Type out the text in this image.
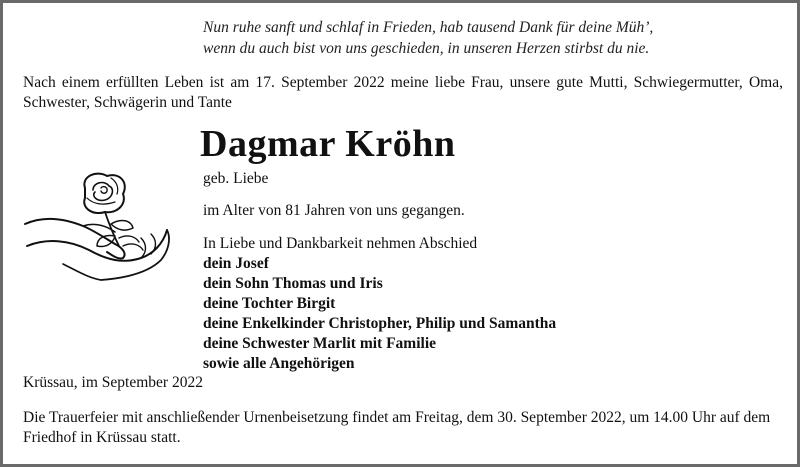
Nun ruhe sanft und schlaf in Frieden, hab tausend Dank für deine Müh’,
wenn du auch bist von uns geschieden, in unseren Herzen stirbst du nie.
Nach einem erfüllten Leben ist am 17. September 2022 meine liebe Frau, unsere gute Mutti, Schwiegermutter, Oma, Schwester, Schwägerin und Tante
Dagmar Kröhn
geb. Liebe
im Alter von 81 Jahren von uns gegangen.
In Liebe und Dankbarkeit nehmen Abschied
dein Josef
dein Sohn Thomas und Iris
deine Tochter Birgit
deine Enkelkinder Christopher, Philip und Samantha
deine Schwester Marlit mit Familie
sowie alle Angehörigen
Krüssau, im September 2022
Die Trauerfeier mit anschließender Urnenbeisetzung findet am Freitag, dem 30. September 2022, um 14.00 Uhr auf dem Friedhof in Krüssau statt.
